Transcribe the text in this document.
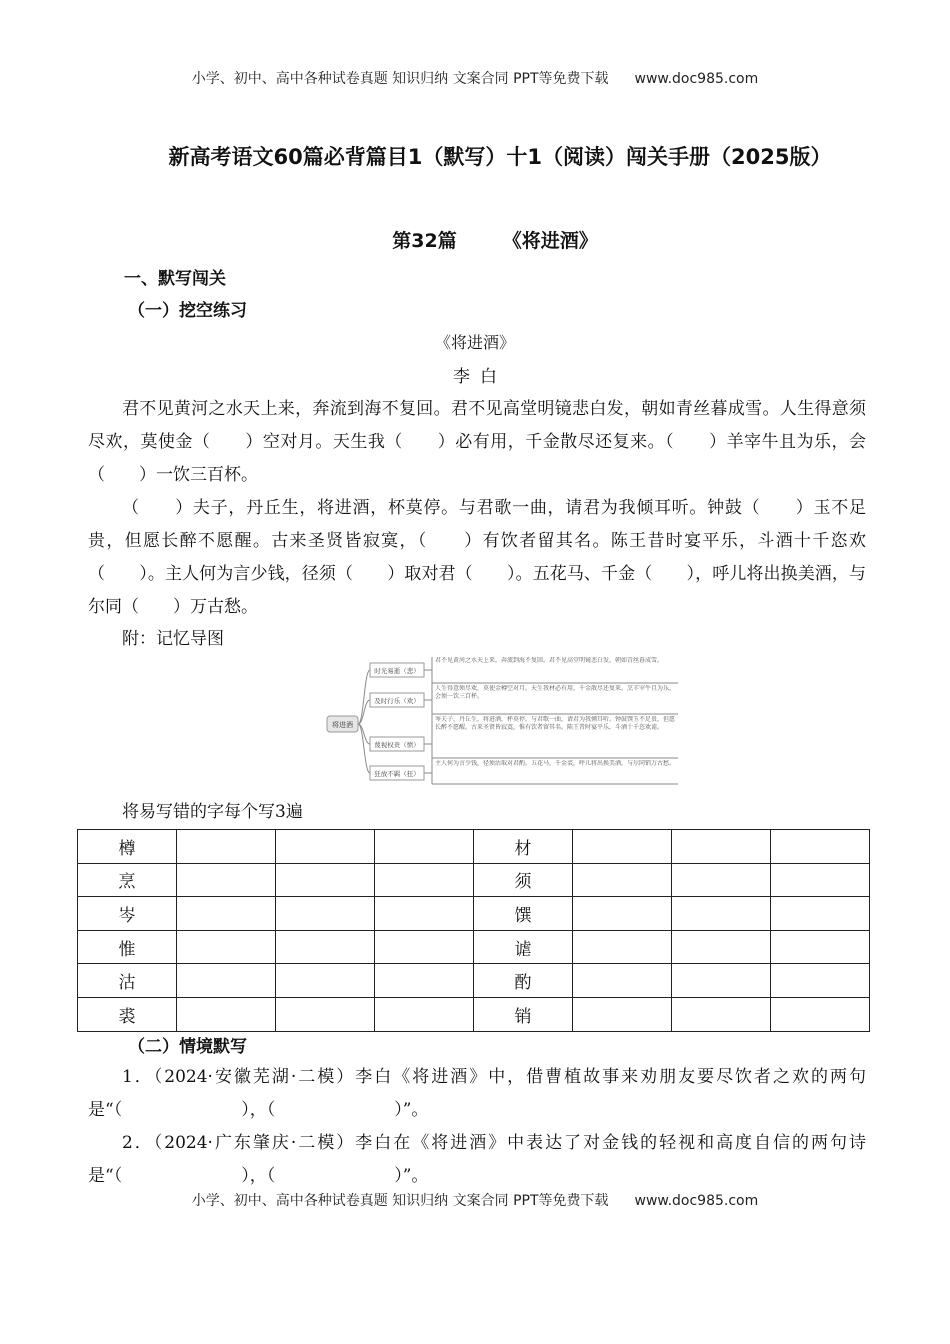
小学、初中、高中各种试卷真题 知识归纳 文案合同 PPT等免费下载 www.doc985.com
新高考语文60篇必背篇目1（默写）十1（阅读）闯关手册（2025版）
第32篇 《将进酒》
一、默写闯关
（一）挖空练习
《将进酒》
李白

君不见黄河之水天上来，奔流到海不复回。君不见高堂明镜悲白发，朝如青丝暮成雪。人生得意须尽欢，莫使金（　　）空对月。天生我（　　）必有用，千金散尽还复来。（　　）羊宰牛且为乐，会（　　）一饮三百杯。

（　　）夫子，丹丘生，将进酒，杯莫停。与君歌一曲，请君为我倾耳听。钟鼓（　　）玉不足贵，但愿长醉不愿醒。古来圣贤皆寂寞，（　　）有饮者留其名。陈王昔时宴平乐，斗酒十千恣欢（　　）。主人何为言少钱，径须（　　）取对君（　　）。五花马、千金（　　），呼儿将出换美酒，与尔同（　　）万古愁。

附：记忆导图
将进酒
时光易逝（悲）
及时行乐（欢）
蔑视权贵（愤）
狂放不羁（狂）
君不见黄河之水天上来，奔流到海不复回。君不见高堂明镜悲白发，朝如青丝暮成雪。
人生得意须尽欢，莫使金樽空对月。天生我材必有用，千金散尽还复来。烹羊宰牛且为乐，会须一饮三百杯。
岑夫子，丹丘生，将进酒，杯莫停。与君歌一曲，请君为我倾耳听。钟鼓馔玉不足贵，但愿长醉不愿醒。古来圣贤皆寂寞，惟有饮者留其名。陈王昔时宴平乐，斗酒十千恣欢谑。
主人何为言少钱，径须沽取对君酌。五花马，千金裘，呼儿将出换美酒，与尔同销万古愁。
将易写错的字每个写3遍
樽				材			
烹				须			
岑				馔			
惟				谑			
沽				酌			
裘				销			
（二）情境默写

1．（2024·安徽芜湖·二模）李白《将进酒》中，借曹植故事来劝朋友要尽饮者之欢的两句是“（　　　　　　　），（　　　　　　　）”。

2．（2024·广东肇庆·二模）李白在《将进酒》中表达了对金钱的轻视和高度自信的两句诗是“（　　　　　　　），（　　　　　　　）”。

小学、初中、高中各种试卷真题 知识归纳 文案合同 PPT等免费下载 www.doc985.com
